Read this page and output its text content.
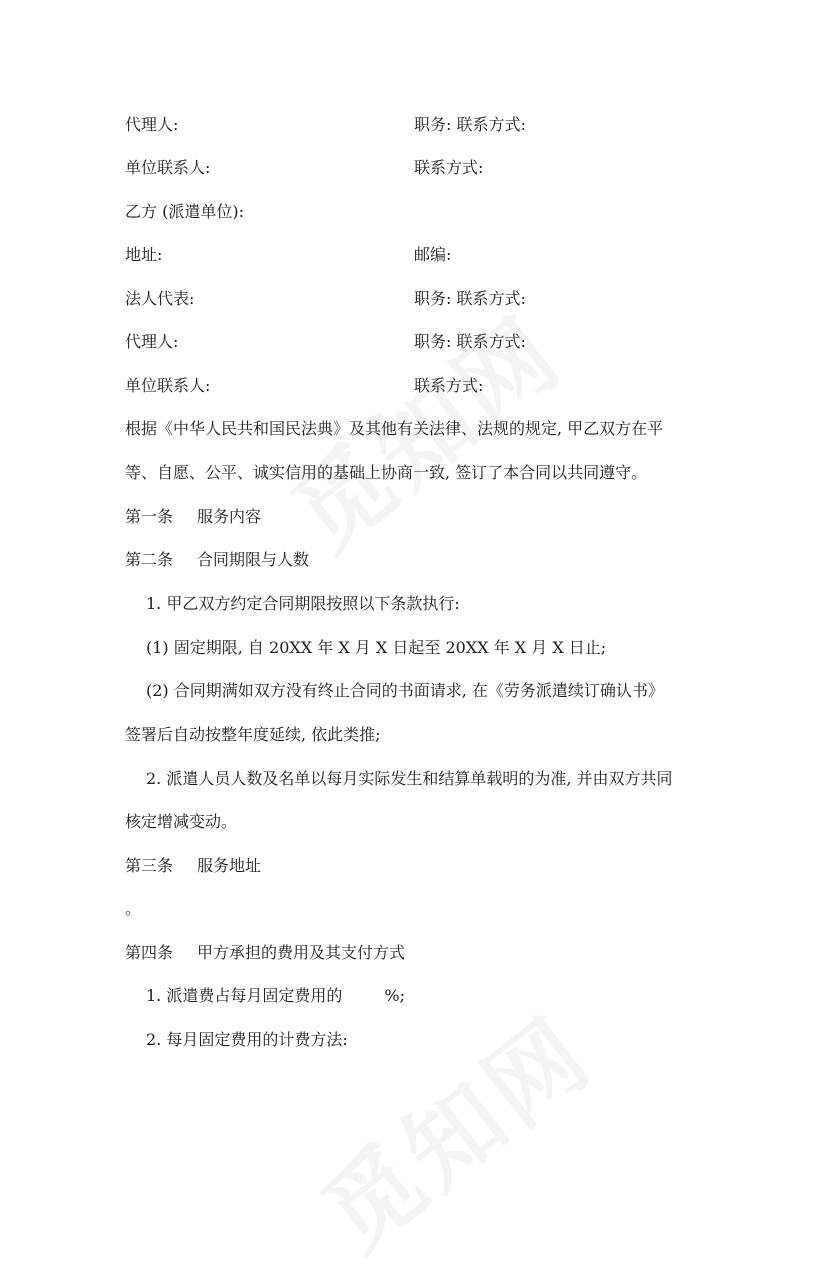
代理人:	职务: 联系方式:
单位联系人:	联系方式:
乙方 (派遣单位):
地址:	邮编:
法人代表:	职务: 联系方式:
代理人:	职务: 联系方式:
单位联系人:	联系方式:
根据《中华人民共和国民法典》及其他有关法律、法规的规定, 甲乙双方在平
等、自愿、公平、诚实信用的基础上协商一致, 签订了本合同以共同遵守。
第一条 服务内容
第二条 合同期限与人数
1. 甲乙双方约定合同期限按照以下条款执行:
(1) 固定期限, 自 20XX 年 X 月 X 日起至 20XX 年 X 月 X 日止;
(2) 合同期满如双方没有终止合同的书面请求, 在《劳务派遣续订确认书》
签署后自动按整年度延续, 依此类推;
2. 派遣人员人数及名单以每月实际发生和结算单载明的为准, 并由双方共同
核定增减变动。
第三条 服务地址
。
第四条 甲方承担的费用及其支付方式
1. 派遣费占每月固定费用的	%;
2. 每月固定费用的计费方法:
